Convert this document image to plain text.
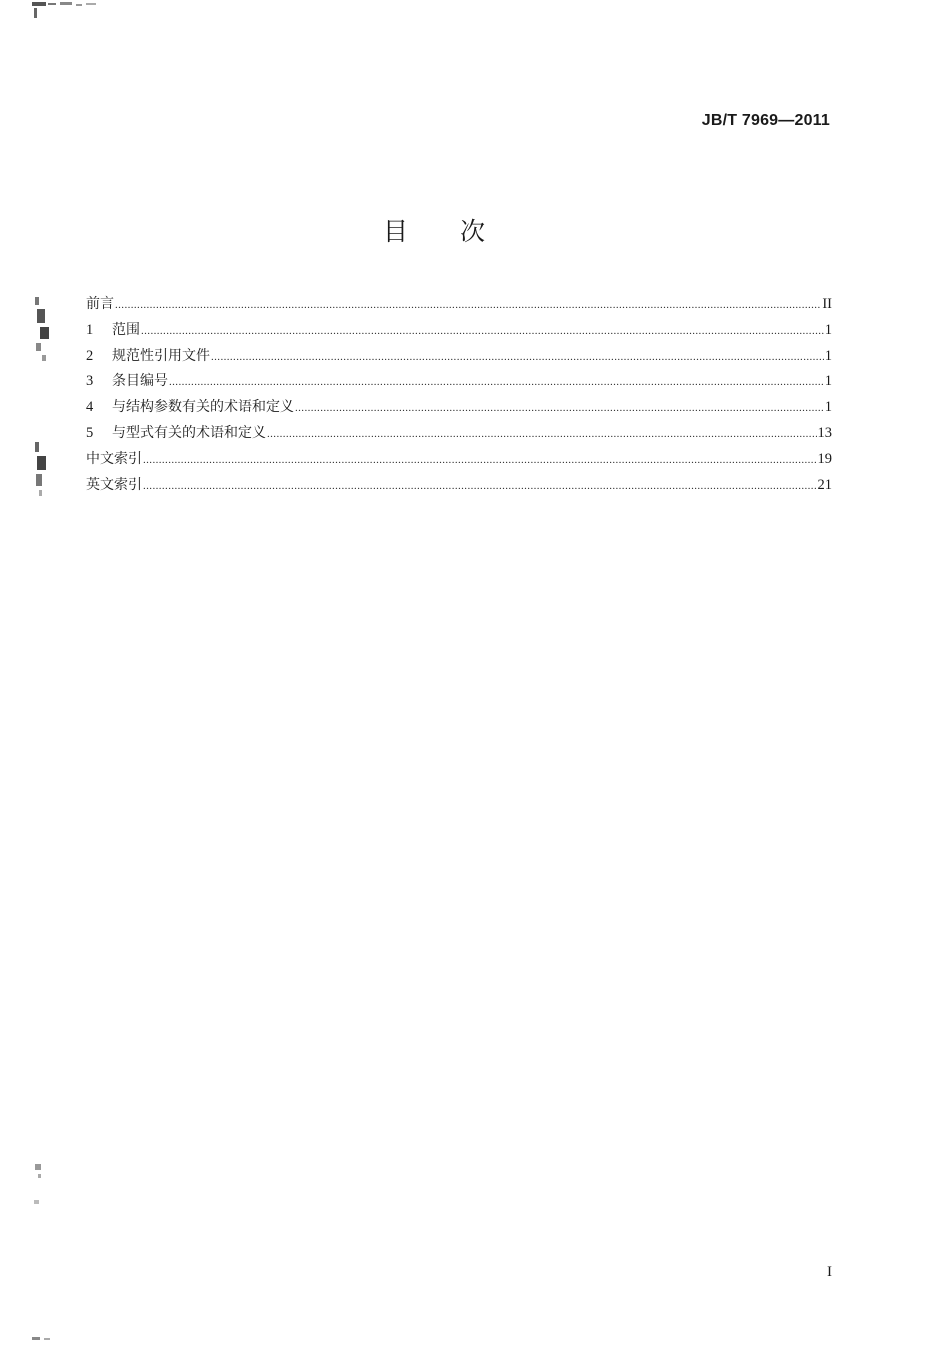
JB/T 7969—2011
目次
前言 .....	II
1	范围 .....	1
2	规范性引用文件 .....	1
3	条目编号 .....	1
4	与结构参数有关的术语和定义 .....	1
5	与型式有关的术语和定义 .....	13
中文索引 .....	19
英文索引 .....	21
I
